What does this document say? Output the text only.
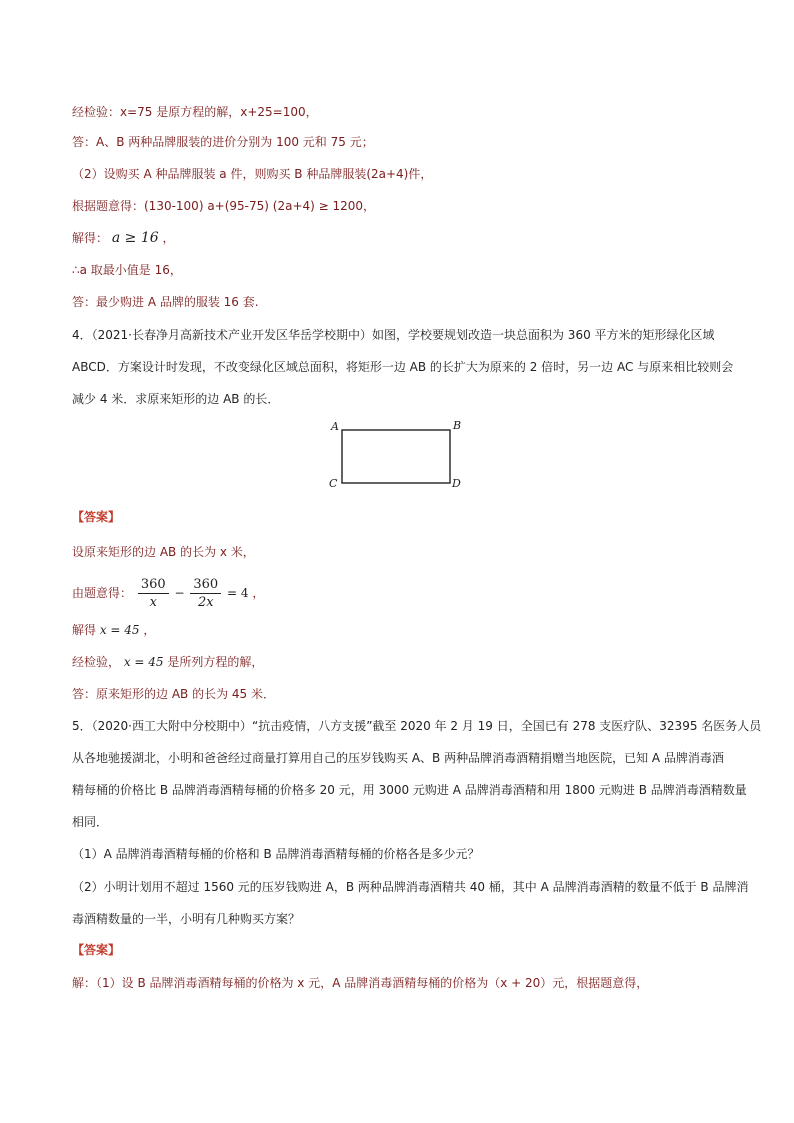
经检验：x=75 是原方程的解，x+25=100，
答：A、B 两种品牌服装的进价分别为 100 元和 75 元；
（2）设购买 A 种品牌服装 a 件，则购买 B 种品牌服装(2a+4)件，
根据题意得：(130-100) a+(95-75) (2a+4) ≥ 1200，
解得： a ≥ 16 ，
∴a 取最小值是 16，
答：最少购进 A 品牌的服装 16 套.
4．（2021·长春净月高新技术产业开发区华岳学校期中）如图，学校要规划改造一块总面积为 360 平方米的矩形绿化区域
ABCD．方案设计时发现，不改变绿化区域总面积，将矩形一边 AB 的长扩大为原来的 2 倍时，另一边 AC 与原来相比较则会
减少 4 米．求原来矩形的边 AB 的长．
A	B
C	D
【答案】
设原来矩形的边 AB 的长为 x 米，
由题意得： $\frac{360}{x} - \frac{360}{2x} = 4$ ，
解得 x = 45 ，
经检验， x = 45 是所列方程的解，
答：原来矩形的边 AB 的长为 45 米．
5．（2020·西工大附中分校期中）“抗击疫情，八方支援”截至 2020 年 2 月 19 日，全国已有 278 支医疗队、32395 名医务人员
从各地驰援湖北，小明和爸爸经过商量打算用自己的压岁钱购买 A、B 两种品牌消毒酒精捐赠当地医院，已知 A 品牌消毒酒
精每桶的价格比 B 品牌消毒酒精每桶的价格多 20 元，用 3000 元购进 A 品牌消毒酒精和用 1800 元购进 B 品牌消毒酒精数量
相同．
（1）A 品牌消毒酒精每桶的价格和 B 品牌消毒酒精每桶的价格各是多少元？
（2）小明计划用不超过 1560 元的压岁钱购进 A，B 两种品牌消毒酒精共 40 桶，其中 A 品牌消毒酒精的数量不低于 B 品牌消
毒酒精数量的一半，小明有几种购买方案？
【答案】
解：（1）设 B 品牌消毒酒精每桶的价格为 x 元，A 品牌消毒酒精每桶的价格为（x + 20）元，根据题意得，
